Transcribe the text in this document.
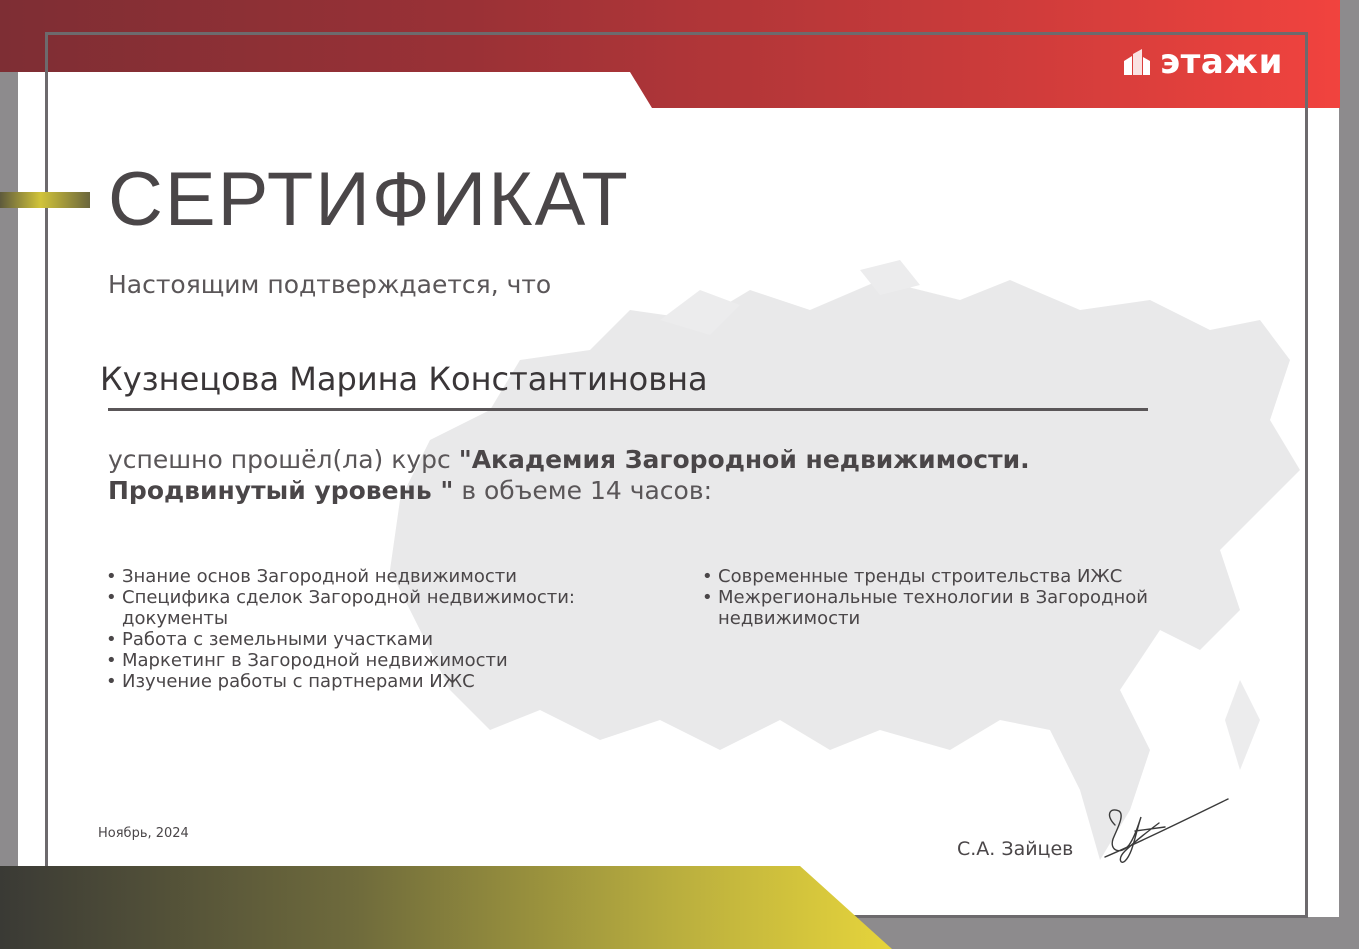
этажи
СЕРТИФИКАТ
Настоящим подтверждается, что
Кузнецова Марина Константиновна
успешно прошёл(ла) курс "Академия Загородной недвижимости. Продвинутый уровень " в объеме 14 часов:
• Знание основ Загородной недвижимости
• Специфика сделок Загородной недвижимости: документы
• Работа с земельными участками
• Маркетинг в Загородной недвижимости
• Изучение работы с партнерами ИЖС
• Современные тренды строительства ИЖС
• Межрегиональные технологии в Загородной недвижимости
Ноябрь, 2024
С.А. Зайцев
